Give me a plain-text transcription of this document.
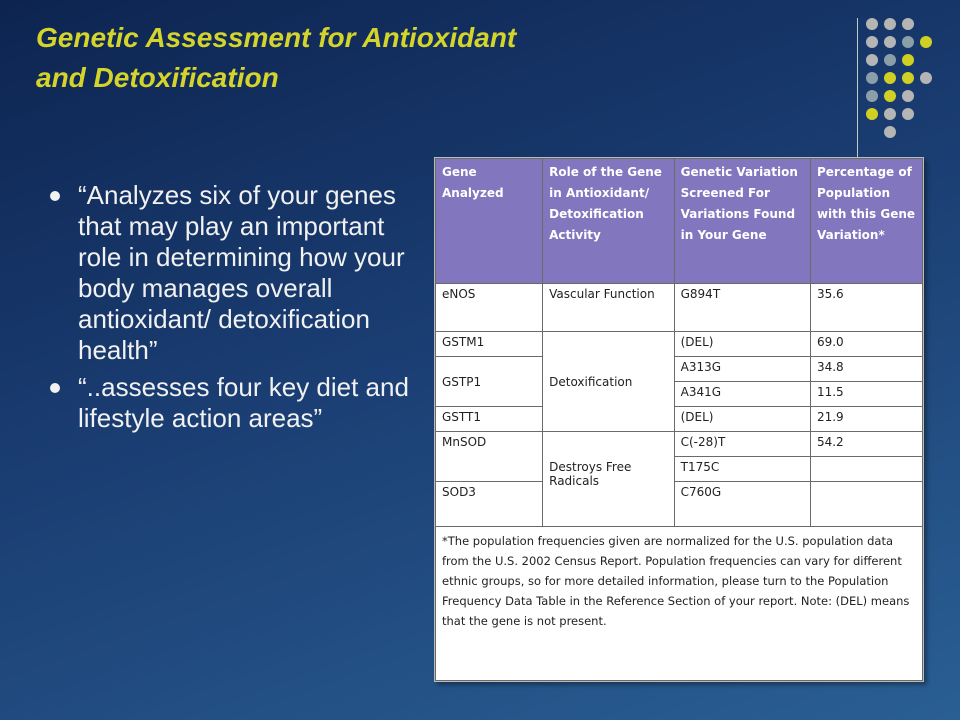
Genetic Assessment for Antioxidant
and Detoxification
“Analyzes six of your genes that may play an important role in determining how your body manages overall antioxidant/ detoxification health”
“..assesses four key diet and lifestyle action areas”
Gene Analyzed	Role of the Gene in Antioxidant/ Detoxification Activity	Genetic Variation Screened For Variations Found in Your Gene	Percentage of Population with this Gene Variation*
eNOS	Vascular Function	G894T	35.6
GSTM1	Detoxification	(DEL)	69.0
GSTP1		A313G	34.8
		A341G	11.5
GSTT1		(DEL)	21.9
MnSOD	Destroys Free Radicals	C(-28)T	54.2
		T175C	
SOD3		C760G	
*The population frequencies given are normalized for the U.S. population data from the U.S. 2002 Census Report. Population frequencies can vary for different ethnic groups, so for more detailed information, please turn to the Population Frequency Data Table in the Reference Section of your report. Note: (DEL) means that the gene is not present.			
